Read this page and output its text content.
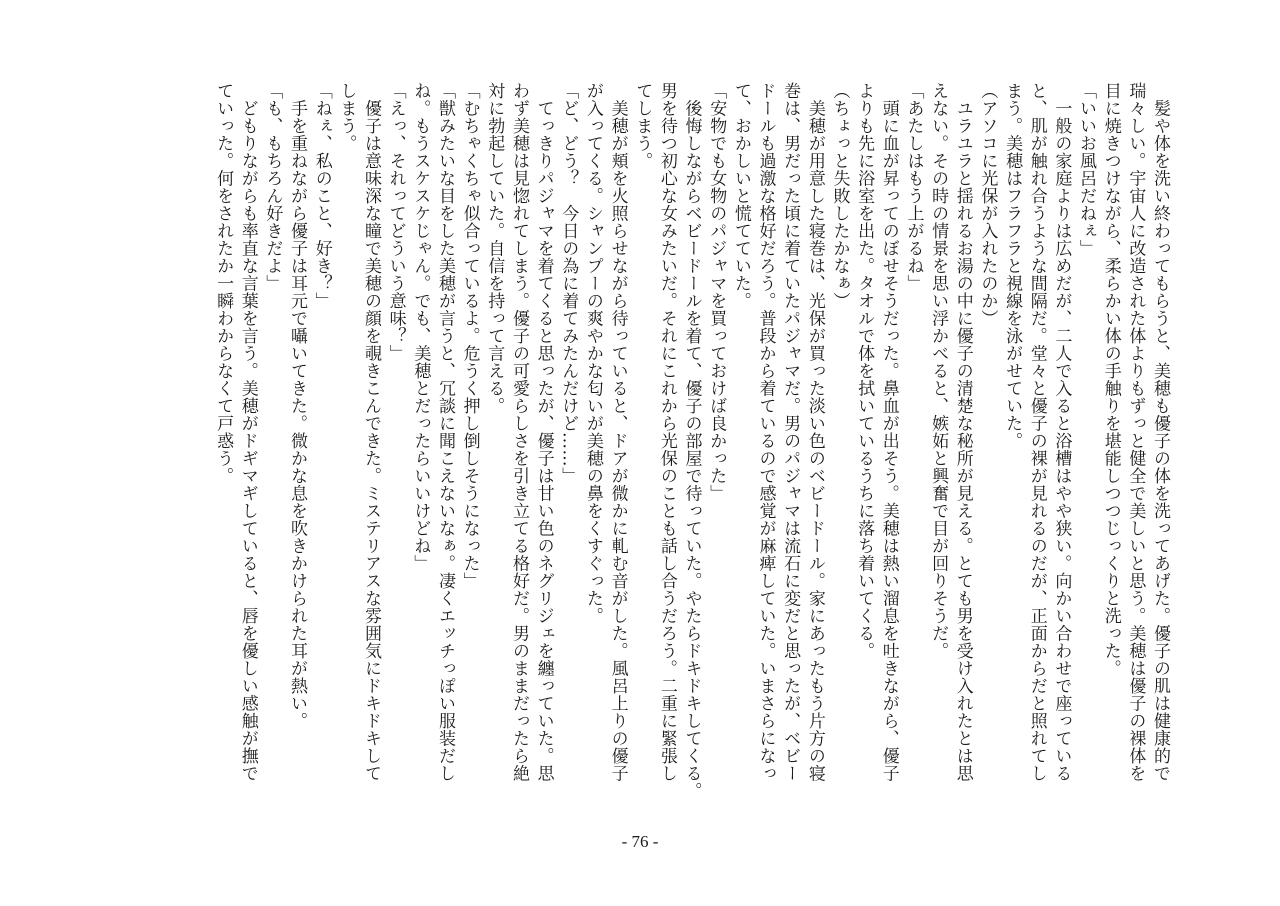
　髪や体を洗い終わってもらうと、美穂も優子の体を洗ってあげた。優子の肌は健康的で

瑞々しい。宇宙人に改造された体よりもずっと健全で美しいと思う。美穂は優子の裸体を

目に焼きつけながら、柔らかい体の手触りを堪能しつつじっくりと洗った。

「いいお風呂だねぇ」

　一般の家庭よりは広めだが、二人で入ると浴槽はやや狭い。向かい合わせで座っている

と、肌が触れ合うような間隔だ。堂々と優子の裸が見れるのだが、正面からだと照れてし

まう。美穂はフラフラと視線を泳がせていた。

（アソコに光保が入れたのか）

　ユラユラと揺れるお湯の中に優子の清楚な秘所が見える。とても男を受け入れたとは思

えない。その時の情景を思い浮かべると、嫉妬と興奮で目が回りそうだ。

「あたしはもう上がるね」

　頭に血が昇ってのぼせそうだった。鼻血が出そう。美穂は熱い溜息を吐きながら、優子

よりも先に浴室を出た。タオルで体を拭いているうちに落ち着いてくる。

（ちょっと失敗したかなぁ）

　美穂が用意した寝巻は、光保が買った淡い色のベビードール。家にあったもう片方の寝

巻は、男だった頃に着ていたパジャマだ。男のパジャマは流石に変だと思ったが、ベビー

ドールも過激な格好だろう。普段から着ているので感覚が麻痺していた。いまさらになっ

て、おかしいと慌てていた。

「安物でも女物のパジャマを買っておけば良かった」

　後悔しながらベビードールを着て、優子の部屋で待っていた。やたらドキドキしてくる。

男を待つ初心な女みたいだ。それにこれから光保のことも話し合うだろう。二重に緊張し

てしまう。

　美穂が頬を火照らせながら待っていると、ドアが微かに軋む音がした。風呂上りの優子

が入ってくる。シャンプーの爽やかな匂いが美穂の鼻をくすぐった。

「ど、どう？　今日の為に着てみたんだけど……」

　てっきりパジャマを着てくると思ったが、優子は甘い色のネグリジェを纏っていた。思

わず美穂は見惚れてしまう。優子の可愛らしさを引き立てる格好だ。男のままだったら絶

対に勃起していた。自信を持って言える。

「むちゃくちゃ似合っているよ。危うく押し倒しそうになった」

「獣みたいな目をした美穂が言うと、冗談に聞こえないなぁ。凄くエッチっぽい服装だし

ね。もうスケスケじゃん。でも、美穂とだったらいいけどね」

「えっ、それってどういう意味？」

　優子は意味深な瞳で美穂の顔を覗きこんできた。ミステリアスな雰囲気にドキドキして

しまう。

「ねぇ、私のこと、好き？」

　手を重ねながら優子は耳元で囁いてきた。微かな息を吹きかけられた耳が熱い。

「も、もちろん好きだよ」

　どもりながらも率直な言葉を言う。美穂がドギマギしていると、唇を優しい感触が撫で

ていった。何をされたか一瞬わからなくて戸惑う。

- 76 -
